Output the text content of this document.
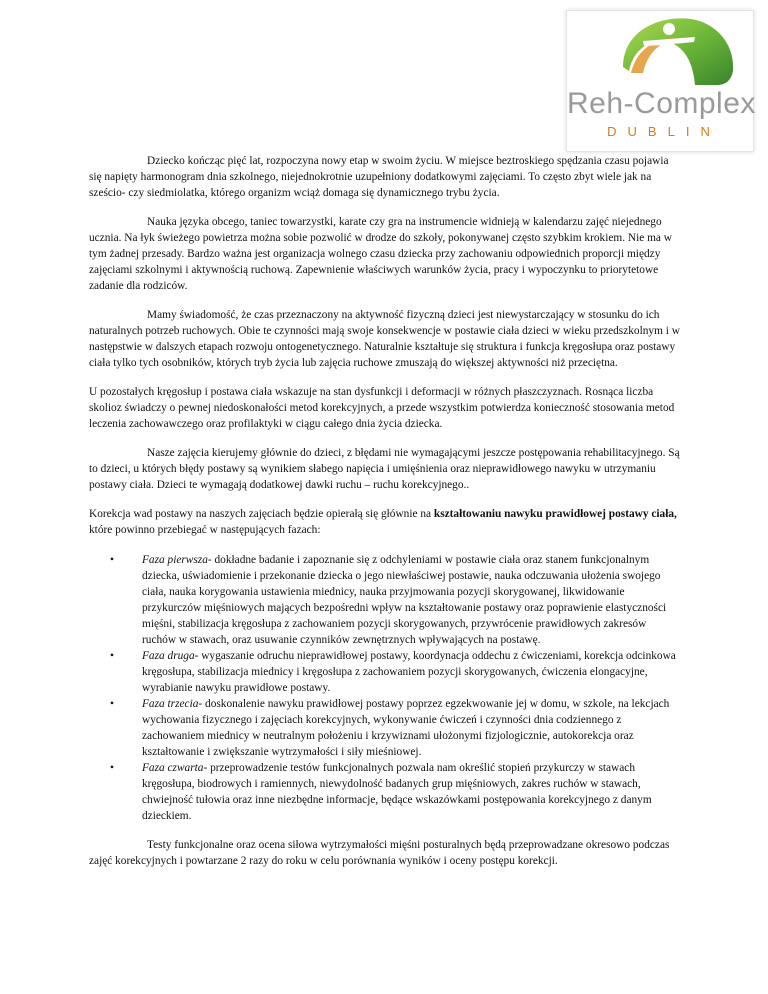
Reh-Complex
DUBLIN

Dziecko kończąc pięć lat, rozpoczyna nowy etap w swoim życiu. W miejsce beztroskiego spędzania czasu pojawia się napięty harmonogram dnia szkolnego, niejednokrotnie uzupełniony dodatkowymi zajęciami. To często zbyt wiele jak na sześcio- czy siedmiolatka, którego organizm wciąż domaga się dynamicznego trybu życia.

Nauka języka obcego, taniec towarzystki, karate czy gra na instrumencie widnieją w kalendarzu zajęć niejednego ucznia. Na łyk świeżego powietrza można sobie pozwolić w drodze do szkoły, pokonywanej często szybkim krokiem. Nie ma w tym żadnej przesady. Bardzo ważna jest organizacja wolnego czasu dziecka przy zachowaniu odpowiednich proporcji między zajęciami szkolnymi i aktywnością ruchową. Zapewnienie właściwych warunków życia, pracy i wypoczynku to priorytetowe zadanie dla rodziców.

Mamy świadomość, że czas przeznaczony na aktywność fizyczną dzieci jest niewystarczający w stosunku do ich naturalnych potrzeb ruchowych. Obie te czynności mają swoje konsekwencje w postawie ciała dzieci w wieku przedszkolnym i w następstwie w dalszych etapach rozwoju ontogenetycznego. Naturalnie kształtuje się struktura i funkcja kręgosłupa oraz postawy ciała tylko tych osobników, których tryb życia lub zajęcia ruchowe zmuszają do większej aktywności niż przeciętna.

U pozostałych kręgosłup i postawa ciała wskazuje na stan dysfunkcji i deformacji w różnych płaszczyznach. Rosnąca liczba skolioz świadczy o pewnej niedoskonałości metod korekcyjnych, a przede wszystkim potwierdza konieczność stosowania metod leczenia zachowawczego oraz profilaktyki w ciągu całego dnia życia dziecka.

Nasze zajęcia kierujemy głównie do dzieci, z błędami nie wymagającymi jeszcze postępowania rehabilitacyjnego. Są to dzieci, u których błędy postawy są wynikiem słabego napięcia i umięśnienia oraz nieprawidłowego nawyku w utrzymaniu postawy ciała. Dzieci te wymagają dodatkowej dawki ruchu – ruchu korekcyjnego..

Korekcja wad postawy na naszych zajęciach będzie opierałą się głównie na kształtowaniu nawyku prawidłowej postawy ciała, które powinno przebiegać w następujących fazach:

• Faza pierwsza- dokładne badanie i zapoznanie się z odchyleniami w postawie ciała oraz stanem funkcjonalnym dziecka, uświadomienie i przekonanie dziecka o jego niewłaściwej postawie, nauka odczuwania ułożenia swojego ciała, nauka korygowania ustawienia miednicy, nauka przyjmowania pozycji skorygowanej, likwidowanie przykurczów mięśniowych mających bezpośredni wpływ na kształtowanie postawy oraz poprawienie elastyczności mięśni, stabilizacja kręgosłupa z zachowaniem pozycji skorygowanych, przywrócenie prawidłowych zakresów ruchów w stawach, oraz usuwanie czynników zewnętrznych wpływających na postawę.
• Faza druga- wygaszanie odruchu nieprawidłowej postawy, koordynacja oddechu z ćwiczeniami, korekcja odcinkowa kręgosłupa, stabilizacja miednicy i kręgosłupa z zachowaniem pozycji skorygowanych, ćwiczenia elongacyjne, wyrabianie nawyku prawidłowe postawy.
• Faza trzecia- doskonalenie nawyku prawidłowej postawy poprzez egzekwowanie jej w domu, w szkole, na lekcjach wychowania fizycznego i zajęciach korekcyjnych, wykonywanie ćwiczeń i czynności dnia codziennego z zachowaniem miednicy w neutralnym położeniu i krzywiznami ułożonymi fizjologicznie, autokorekcja oraz kształtowanie i zwiększanie wytrzymałości i siły mieśniowej.
• Faza czwarta- przeprowadzenie testów funkcjonalnych pozwala nam określić stopień przykurczy w stawach kręgosłupa, biodrowych i ramiennych, niewydolność badanych grup mięśniowych, zakres ruchów w stawach, chwiejność tułowia oraz inne niezbędne informacje, będące wskazówkami postępowania korekcyjnego z danym dzieckiem.

Testy funkcjonalne oraz ocena siłowa wytrzymałości mięśni posturalnych będą przeprowadzane okresowo podczas zajęć korekcyjnych i powtarzane 2 razy do roku w celu porównania wyników i oceny postępu korekcji.
